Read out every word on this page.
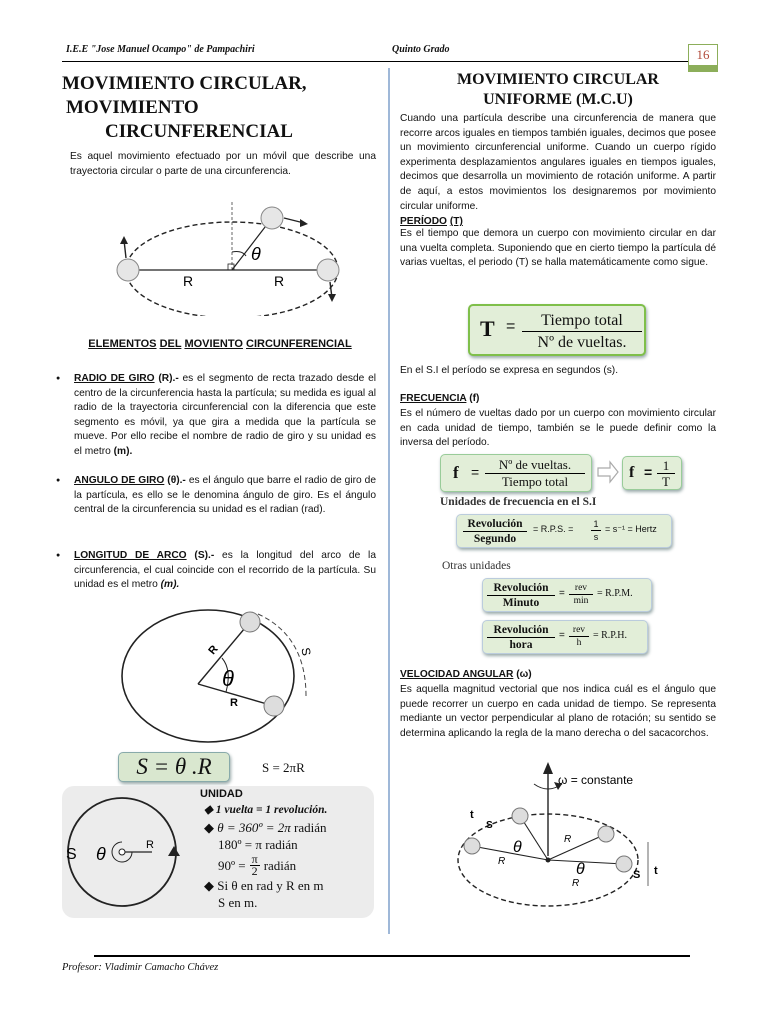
I.E.E "Jose Manuel Ocampo" de Pampachiri	Quinto Grado	16
MOVIMIENTO CIRCULAR,
MOVIMIENTO
CIRCUNFERENCIAL

Es aquel movimiento efectuado por un móvil que describe una trayectoria circular o parte de una circunferencia.

θ
R	R
ELEMENTOS DEL MOVIENTO CIRCUNFERENCIAL
● RADIO DE GIRO (R).- es el segmento de recta trazado desde el centro de la circunferencia hasta la partícula; su medida es igual al radio de la trayectoria circunferencial con la diferencia que este segmento es móvil, ya que gira a medida que la partícula se mueve. Por ello recibe el nombre de radio de giro y su unidad es el metro (m).
● ANGULO DE GIRO (θ).- es el ángulo que barre el radio de giro de la partícula, es ello se le denomina ángulo de giro. Es el ángulo central de la circunferencia su unidad es el radian (rad).
● LONGITUD DE ARCO (S).- es la longitud del arco de la circunferencia, el cual coincide con el recorrido de la partícula. Su unidad es el metro (m).
θ
R
R
S
S = θ .R	S = 2πR
S θ	R
UNIDAD
◆ 1 vuelta = 1 revolución.
◆ θ = 360º = 2π radián
180º = π radián
90º = $\frac{\pi}{2}$ radián
◆ Si θ en rad y R en m
S en m.
MOVIMIENTO CIRCULAR
UNIFORME (M.C.U)

Cuando una partícula describe una circunferencia de manera que recorre arcos iguales en tiempos también iguales, decimos que posee un movimiento circunferencial uniforme. Cuando un cuerpo rígido experimenta desplazamientos angulares iguales en tiempos iguales, decimos que desarrolla un movimiento de rotación uniforme. A partir de aquí, a estos movimientos los designaremos por movimiento circular uniforme.

PERÍODO (T)

Es el tiempo que demora un cuerpo con movimiento circular en dar una vuelta completa. Suponiendo que en cierto tiempo la partícula dé varias vueltas, el periodo (T) se halla matemáticamente como sigue.

T =	Tiempo total
Nº de vueltas.

En el S.I el período se expresa en segundos (s).

FRECUENCIA (f)

Es el número de vueltas dado por un cuerpo con movimiento circular en cada unidad de tiempo, también se le puede definir como la inversa del período.

f =	Nº de vueltas.
Tiempo total
f = 1
T
Unidades de frecuencia en el S.I
Revolución
Segundo
= R.P.S. = 1
s
= s⁻¹ = Hertz
Otras unidades
Revolución
Minuto
=	rev
min
= R.P.M.
Revolución
hora
= rev
h
= R.P.H.
VELOCIDAD ANGULAR (ω)

Es aquella magnitud vectorial que nos indica cuál es el ángulo que puede recorrer un cuerpo en cada unidad de tiempo. Se representa mediante un vector perpendicular al plano de rotación; su sentido se determina aplicando la regla de la mano derecha o del sacacorchos.

ω = constante
θ
θ
R
R
R
t
S
S t
Profesor: Vladimir Camacho Chávez
